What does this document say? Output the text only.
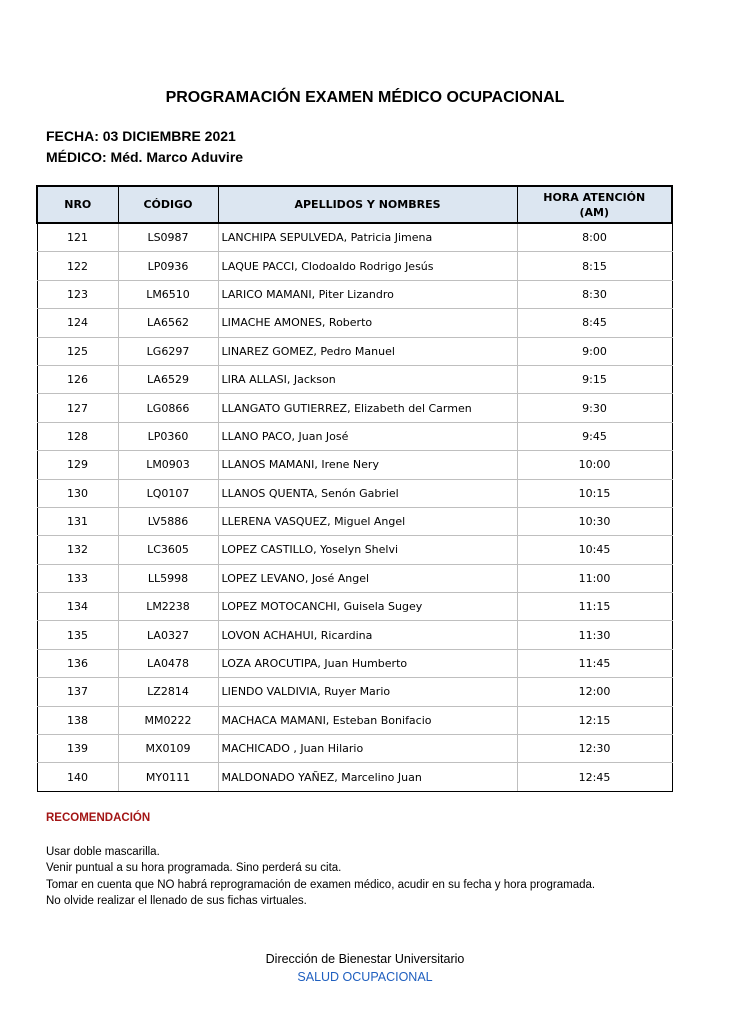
PROGRAMACIÓN EXAMEN MÉDICO OCUPACIONAL
FECHA: 03 DICIEMBRE 2021
MÉDICO: Méd. Marco Aduvire
NRO	CÓDIGO	APELLIDOS Y NOMBRES	HORA ATENCIÓN
(AM)

121	LS0987	LANCHIPA SEPULVEDA, Patricia Jimena	8:00
122	LP0936	LAQUE PACCI, Clodoaldo Rodrigo Jesús	8:15
123	LM6510	LARICO MAMANI, Piter Lizandro	8:30
124	LA6562	LIMACHE AMONES, Roberto	8:45
125	LG6297	LINAREZ GOMEZ, Pedro Manuel	9:00
126	LA6529	LIRA ALLASI, Jackson	9:15
127	LG0866	LLANGATO GUTIERREZ, Elizabeth del Carmen	9:30
128	LP0360	LLANO PACO, Juan José	9:45
129	LM0903	LLANOS MAMANI, Irene Nery	10:00
130	LQ0107	LLANOS QUENTA, Senón Gabriel	10:15
131	LV5886	LLERENA VASQUEZ, Miguel Angel	10:30
132	LC3605	LOPEZ CASTILLO, Yoselyn Shelvi	10:45
133	LL5998	LOPEZ LEVANO, José Angel	11:00
134	LM2238	LOPEZ MOTOCANCHI, Guisela Sugey	11:15
135	LA0327	LOVON ACHAHUI, Ricardina	11:30
136	LA0478	LOZA AROCUTIPA, Juan Humberto	11:45
137	LZ2814	LIENDO VALDIVIA, Ruyer Mario	12:00
138	MM0222	MACHACA MAMANI, Esteban Bonifacio	12:15
139	MX0109	MACHICADO , Juan Hilario	12:30
140	MY0111	MALDONADO YAÑEZ, Marcelino Juan	12:45
RECOMENDACIÓN
Usar doble mascarilla.
Venir puntual a su hora programada. Sino perderá su cita.
Tomar en cuenta que NO habrá reprogramación de examen médico, acudir en su fecha y hora programada.
No olvide realizar el llenado de sus fichas virtuales.
Dirección de Bienestar Universitario
SALUD OCUPACIONAL
